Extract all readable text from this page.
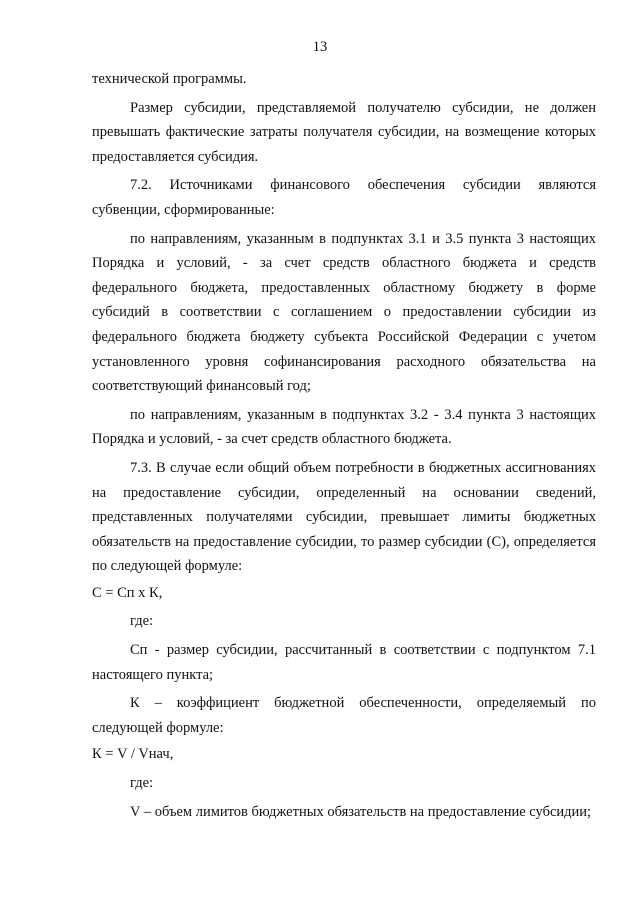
13

технической программы.

Размер субсидии, представляемой получателю субсидии, не должен превышать фактические затраты получателя субсидии, на возмещение которых предоставляется субсидия.

7.2. Источниками финансового обеспечения субсидии являются субвенции, сформированные:

по направлениям, указанным в подпунктах 3.1 и 3.5 пункта 3 настоящих Порядка и условий, - за счет средств областного бюджета и средств федерального бюджета, предоставленных областному бюджету в форме субсидий в соответствии с соглашением о предоставлении субсидии из федерального бюджета бюджету субъекта Российской Федерации с учетом установленного уровня софинансирования расходного обязательства на соответствующий финансовый год;

по направлениям, указанным в подпунктах 3.2 - 3.4 пункта 3 настоящих Порядка и условий, - за счет средств областного бюджета.

7.3. В случае если общий объем потребности в бюджетных ассигнованиях на предоставление субсидии, определенный на основании сведений, представленных получателями субсидии, превышает лимиты бюджетных обязательств на предоставление субсидии, то размер субсидии (С), определяется по следующей формуле:

С = Сп х К,

где:

Сп - размер субсидии, рассчитанный в соответствии с подпунктом 7.1 настоящего пункта;

К – коэффициент бюджетной обеспеченности, определяемый по следующей формуле:

К = V / Vнач,

где:

V – объем лимитов бюджетных обязательств на предоставление субсидии;
